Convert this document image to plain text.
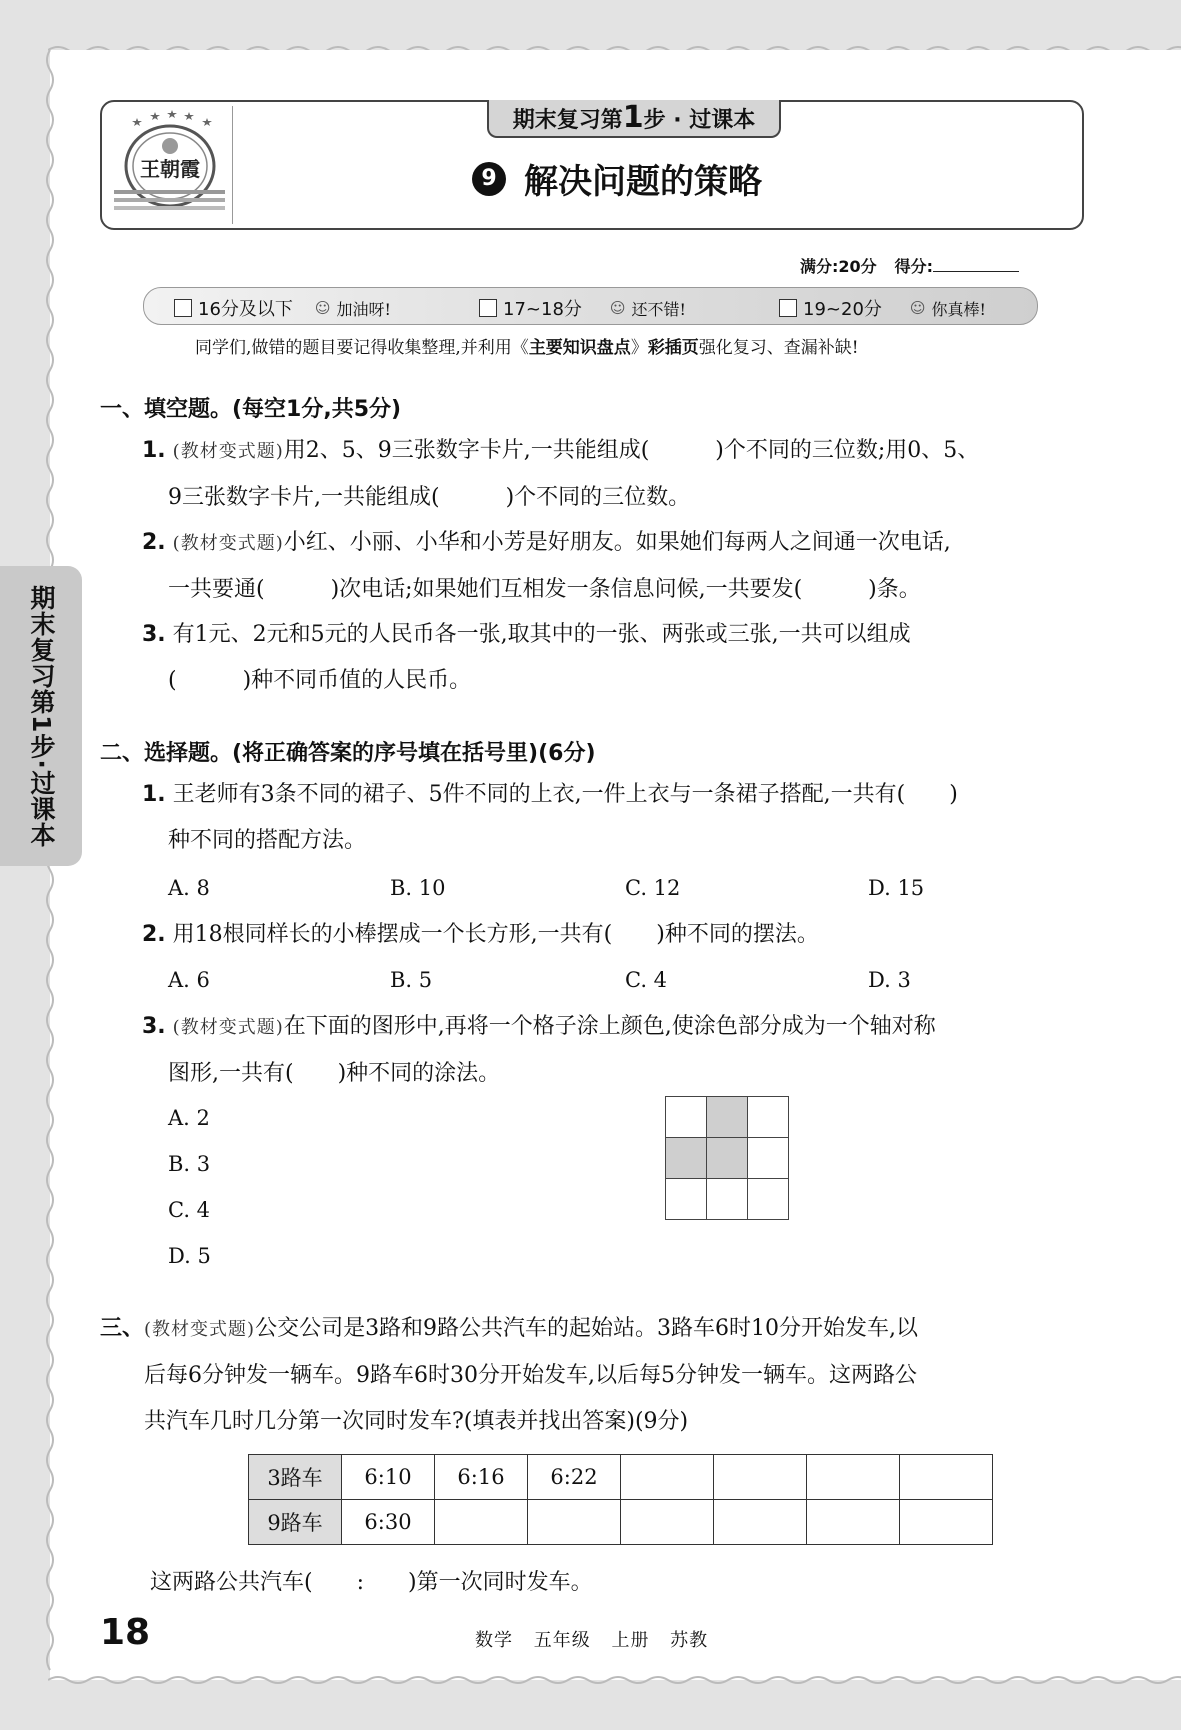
期末复习第1步·过课本
王朝霞
期末复习第1步 · 过课本
9 解决问题的策略
满分:20分 得分:
16分及以下 ☺ 加油呀!	17~18分 ☺ 还不错!	19~20分 ☺ 你真棒!
同学们,做错的题目要记得收集整理,并利用《主要知识盘点》彩插页强化复习、查漏补缺!
一、填空题。(每空1分,共5分)
1. (教材变式题)用2、5、9三张数字卡片,一共能组成(　　　)个不同的三位数;用0、5、
9三张数字卡片,一共能组成(　　　)个不同的三位数。
2. (教材变式题)小红、小丽、小华和小芳是好朋友。如果她们每两人之间通一次电话,
一共要通(　　　)次电话;如果她们互相发一条信息问候,一共要发(　　　)条。
3. 有1元、2元和5元的人民币各一张,取其中的一张、两张或三张,一共可以组成
(　　　)种不同币值的人民币。
二、选择题。(将正确答案的序号填在括号里)(6分)
1. 王老师有3条不同的裙子、5件不同的上衣,一件上衣与一条裙子搭配,一共有(　　)
种不同的搭配方法。
A. 8	B. 10	C. 12	D. 15
2. 用18根同样长的小棒摆成一个长方形,一共有(　　)种不同的摆法。
A. 6	B. 5	C. 4	D. 3
3. (教材变式题)在下面的图形中,再将一个格子涂上颜色,使涂色部分成为一个轴对称
图形,一共有(　　)种不同的涂法。
A. 2
B. 3
C. 4
D. 5

三、(教材变式题)公交公司是3路和9路公共汽车的起始站。3路车6时10分开始发车,以
后每6分钟发一辆车。9路车6时30分开始发车,以后每5分钟发一辆车。这两路公
共汽车几时几分第一次同时发车?(填表并找出答案)(9分)
3路车	6:10	6:16	6:22				
9路车	6:30						
这两路公共汽车(　　:　　)第一次同时发车。
18	数学 五年级 上册 苏教
